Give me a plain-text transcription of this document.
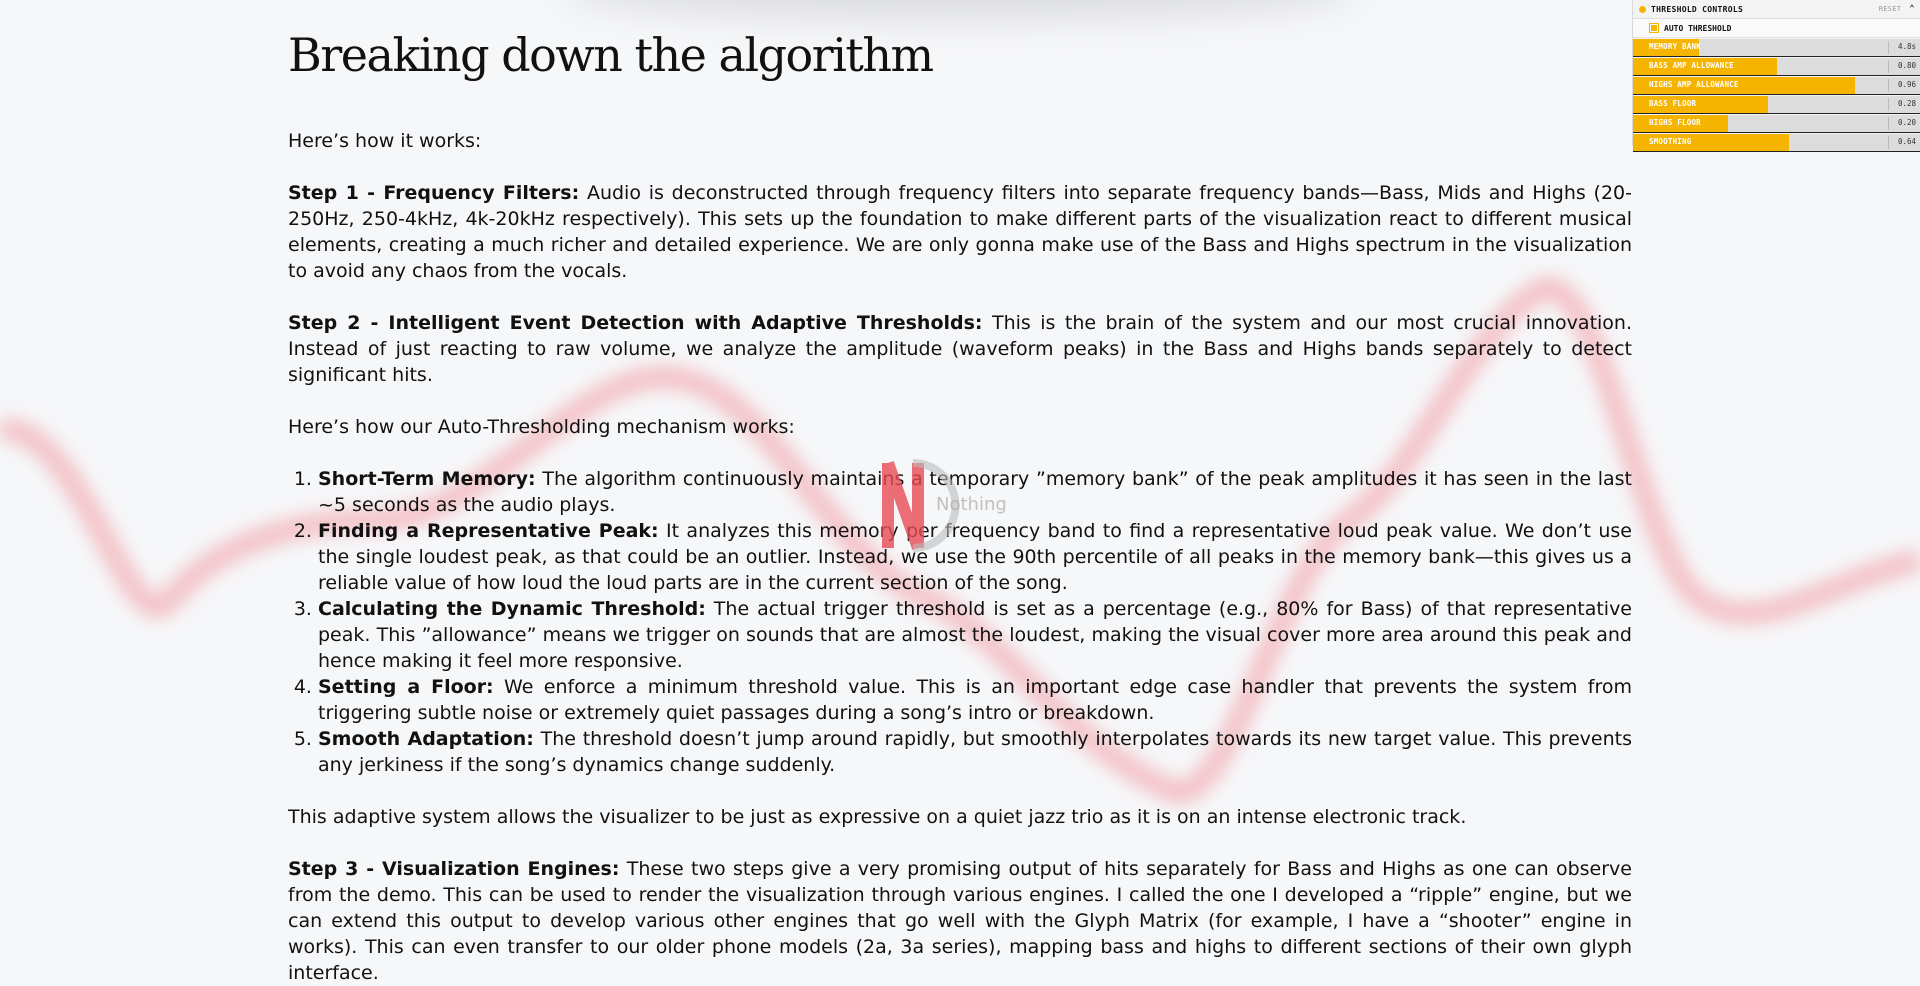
Breaking down the algorithm

Here’s how it works:

Step 1 - Frequency Filters: Audio is deconstructed through frequency filters into separate frequency bands—Bass, Mids and Highs (20-250Hz, 250-4kHz, 4k-20kHz respectively). This sets up the foundation to make different parts of the visualization react to different musical elements, creating a much richer and detailed experience. We are only gonna make use of the Bass and Highs spectrum in the visualization to avoid any chaos from the vocals.

Step 2 - Intelligent Event Detection with Adaptive Thresholds: This is the brain of the system and our most crucial innovation. Instead of just reacting to raw volume, we analyze the amplitude (waveform peaks) in the Bass and Highs bands separately to detect significant hits.

Here’s how our Auto-Thresholding mechanism works:

1. Short-Term Memory: The algorithm continuously maintains a temporary ”memory bank” of the peak amplitudes it has seen in the last ~5 seconds as the audio plays.
2. Finding a Representative Peak: It analyzes this memory per frequency band to find a representative loud peak value. We don’t use the single loudest peak, as that could be an outlier. Instead, we use the 90th percentile of all peaks in the memory bank—this gives us a reliable value of how loud the loud parts are in the current section of the song.
3. Calculating the Dynamic Threshold: The actual trigger threshold is set as a percentage (e.g., 80% for Bass) of that representative peak. This ”allowance” means we trigger on sounds that are almost the loudest, making the visual cover more area around this peak and hence making it feel more responsive.
4. Setting a Floor: We enforce a minimum threshold value. This is an important edge case handler that prevents the system from triggering subtle noise or extremely quiet passages during a song’s intro or breakdown.
5. Smooth Adaptation: The threshold doesn’t jump around rapidly, but smoothly interpolates towards its new target value. This prevents any jerkiness if the song’s dynamics change suddenly.

This adaptive system allows the visualizer to be just as expressive on a quiet jazz trio as it is on an intense electronic track.

Step 3 - Visualization Engines: These two steps give a very promising output of hits separately for Bass and Highs as one can observe from the demo. This can be used to render the visualization through various engines. I called the one I developed a “ripple” engine, but we can extend this output to develop various other engines that go well with the Glyph Matrix (for example, I have a “shooter” engine in works). This can even transfer to our older phone models (2a, 3a series), mapping bass and highs to different sections of their own glyph interface.

Nothing
THRESHOLD CONTROLS	RESET ⌃
AUTO THRESHOLD
MEMORY BANK	4.8s
BASS AMP ALLOWANCE	0.80
HIGHS AMP ALLOWANCE	0.96
BASS FLOOR	0.28
HIGHS FLOOR	0.20
SMOOTHING	0.64
